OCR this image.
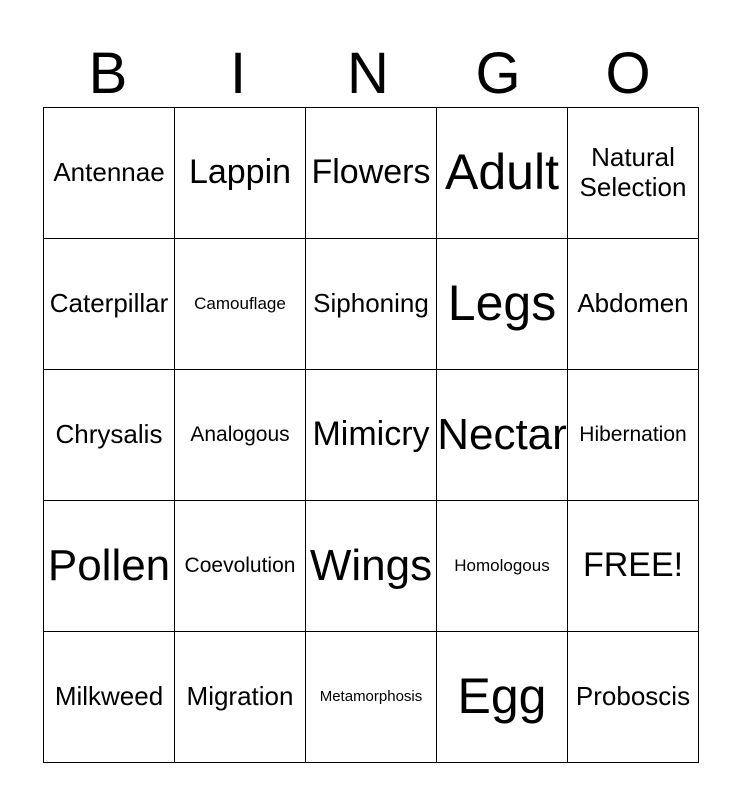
B	I	N	G	O
Antennae	Lappin	Flowers	Adult	Natural Selection
Caterpillar	Camouflage	Siphoning	Legs	Abdomen
Chrysalis	Analogous	Mimicry	Nectar	Hibernation
Pollen	Coevolution	Wings	Homologous	FREE!
Milkweed	Migration	Metamorphosis	Egg	Proboscis
